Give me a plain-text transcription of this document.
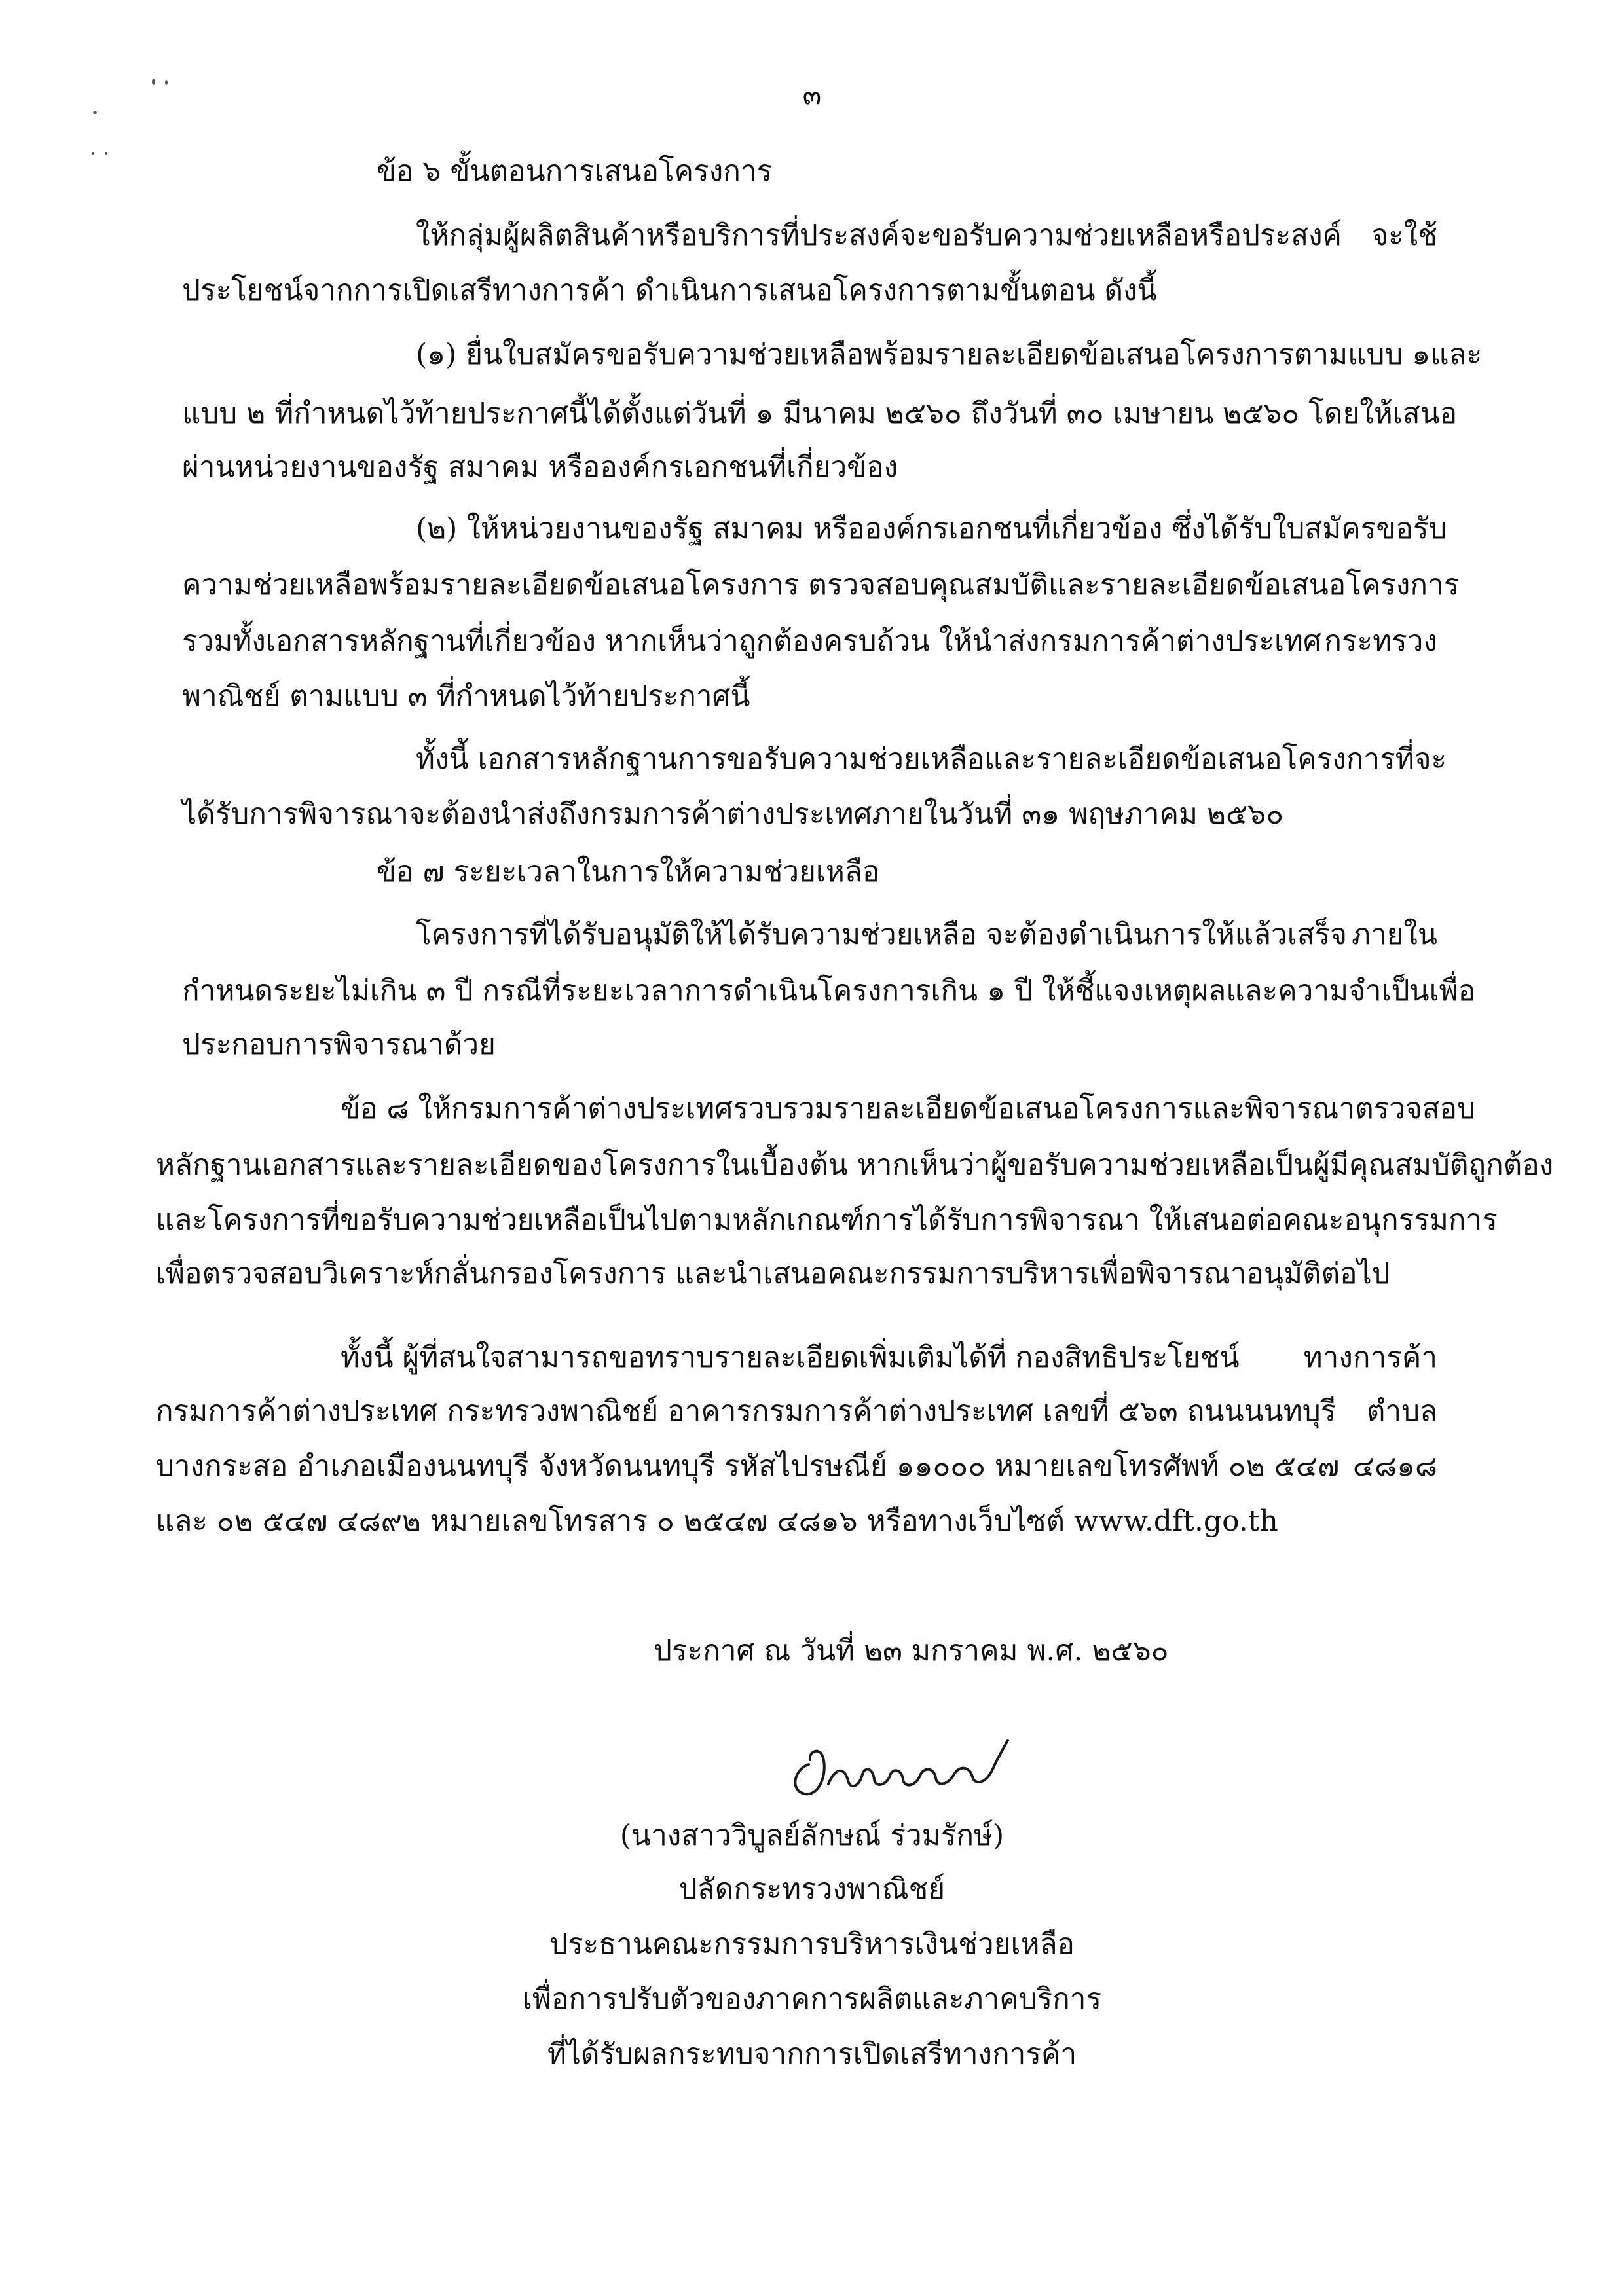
๓
ข้อ ๖ ขั้นตอนการเสนอโครงการ
ให้กลุ่มผู้ผลิตสินค้าหรือบริการที่ประสงค์จะขอรับความช่วยเหลือหรือประสงค์ จะใช้
ประโยชน์จากการเปิดเสรีทางการค้า ดำเนินการเสนอโครงการตามขั้นตอน ดังนี้
(๑) ยื่นใบสมัครขอรับความช่วยเหลือพร้อมรายละเอียดข้อเสนอโครงการตามแบบ ๑ และ
แบบ ๒ ที่กำหนดไว้ท้ายประกาศนี้ได้ตั้งแต่วันที่ ๑ มีนาคม ๒๕๖๐ ถึงวันที่ ๓๐ เมษายน ๒๕๖๐ โดยให้ เสนอ
ผ่านหน่วยงานของรัฐ สมาคม หรือองค์กรเอกชนที่เกี่ยวข้อง
(๒) ให้หน่วยงานของรัฐ สมาคม หรือองค์กรเอกชนที่เกี่ยวข้อง ซึ่งได้รับใบสมัคร ขอรับ
ความช่วยเหลือพร้อมรายละเอียดข้อเสนอโครงการ ตรวจสอบคุณสมบัติและรายละเอียดข้อเสนอ โครงการ
รวมทั้งเอกสารหลักฐานที่เกี่ยวข้อง หากเห็นว่าถูกต้องครบถ้วน ให้นำส่งกรมการค้าต่างประเทศ กระทรวง
พาณิชย์ ตามแบบ ๓ ที่กำหนดไว้ท้ายประกาศนี้
ทั้งนี้ เอกสารหลักฐานการขอรับความช่วยเหลือและรายละเอียดข้อเสนอโครงการ ที่จะ
ได้รับการพิจารณาจะต้องนำส่งถึงกรมการค้าต่างประเทศภายในวันที่ ๓๑ พฤษภาคม ๒๕๖๐
ข้อ ๗ ระยะเวลาในการให้ความช่วยเหลือ
โครงการที่ได้รับอนุมัติให้ได้รับความช่วยเหลือ จะต้องดำเนินการให้แล้วเสร็จ ภายใน
กำหนดระยะไม่เกิน ๓ ปี กรณีที่ระยะเวลาการดำเนินโครงการเกิน ๑ ปี ให้ชี้แจงเหตุผลและความจำเป็น เพื่อ
ประกอบการพิจารณาด้วย
ข้อ ๘ ให้กรมการค้าต่างประเทศรวบรวมรายละเอียดข้อเสนอโครงการและพิจารณา ตรวจสอบ
หลักฐานเอกสารและรายละเอียดของโครงการในเบื้องต้น หากเห็นว่าผู้ขอรับความช่วยเหลือเป็นผู้มี คุณสมบัติถูกต้อง
และโครงการที่ขอรับความช่วยเหลือเป็นไปตามหลักเกณฑ์การได้รับการพิจารณา ให้เสนอต่อ คณะอนุกรรมการ
เพื่อตรวจสอบวิเคราะห์กลั่นกรองโครงการ และนำเสนอคณะกรรมการบริหารเพื่อพิจารณาอนุมัติต่อไป
ทั้งนี้ ผู้ที่สนใจสามารถขอทราบรายละเอียดเพิ่มเติมได้ที่ กองสิทธิประโยชน์ ทางการค้า
กรมการค้าต่างประเทศ กระทรวงพาณิชย์ อาคารกรมการค้าต่างประเทศ เลขที่ ๕๖๓ ถนนนนทบุรี ตำบล
บางกระสอ อำเภอเมืองนนทบุรี จังหวัดนนทบุรี รหัสไปรษณีย์ ๑๑๐๐๐ หมายเลขโทรศัพท์ ๐๒ ๕๔๗ ๔๘๑๘
และ ๐๒ ๕๔๗ ๔๘๙๒ หมายเลขโทรสาร ๐ ๒๕๔๗ ๔๘๑๖ หรือทางเว็บไซต์ www.dft.go.th
ประกาศ ณ วันที่ ๒๓ มกราคม พ.ศ. ๒๕๖๐
(นางสาววิบูลย์ลักษณ์ ร่วมรักษ์)
ปลัดกระทรวงพาณิชย์
ประธานคณะกรรมการบริหารเงินช่วยเหลือ
เพื่อการปรับตัวของภาคการผลิตและภาคบริการ
ที่ได้รับผลกระทบจากการเปิดเสรีทางการค้า
